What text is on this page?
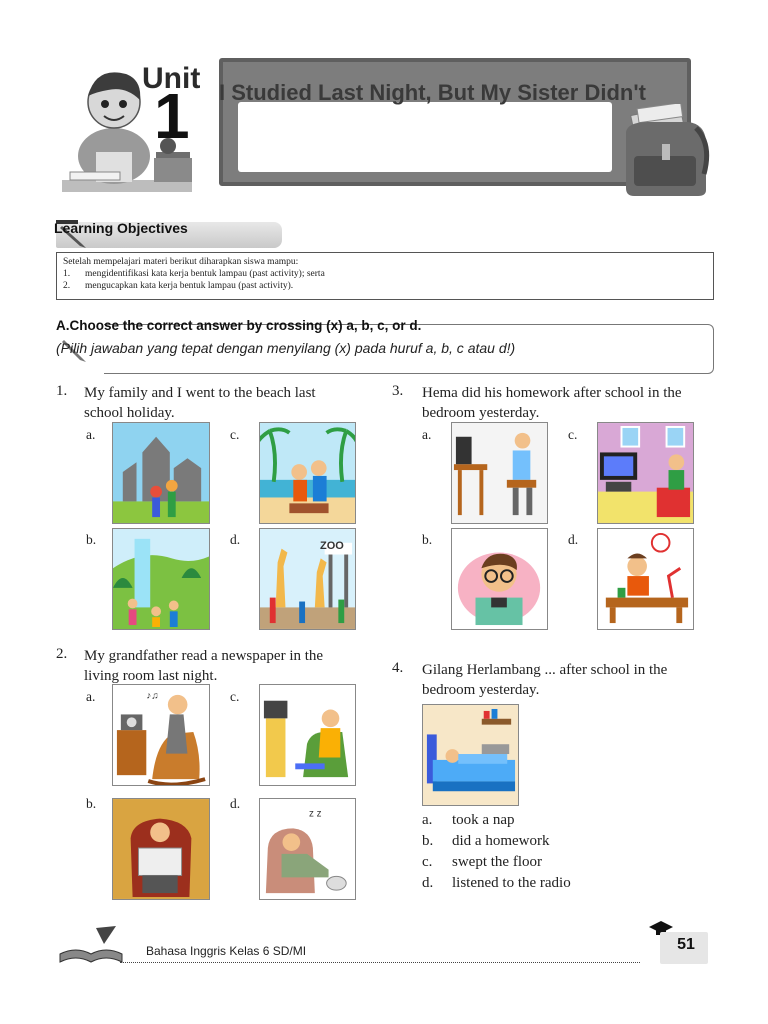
Unit
1 I Studied Last Night, But My Sister Didn't
Learning Objectives
Setelah mempelajari materi berikut diharapkan siswa mampu:
1.	mengidentifikasi kata kerja bentuk lampau (past activity); serta
2.	mengucapkan kata kerja bentuk lampau (past activity).
A.Choose the correct answer by crossing (x) a, b, c, or d.
(Pilih jawaban yang tepat dengan menyilang (x) pada huruf a, b, c atau d!)
1. My family and I went to the beach last
school holiday.
a.	c.
b.	d.	ZOO
2. My grandfather read a newspaper in the
living room last night.
a.	♪♫	c.
b.	d.
z z
3. Hema did his homework after school in the
bedroom yesterday.
a.	c.
b.	d.
4. Gilang Herlambang ... after school in the
bedroom yesterday.
a. took a nap
b. did a homework
c. swept the floor
d. listened to the radio
Bahasa Inggris Kelas 6 SD/MI	51
